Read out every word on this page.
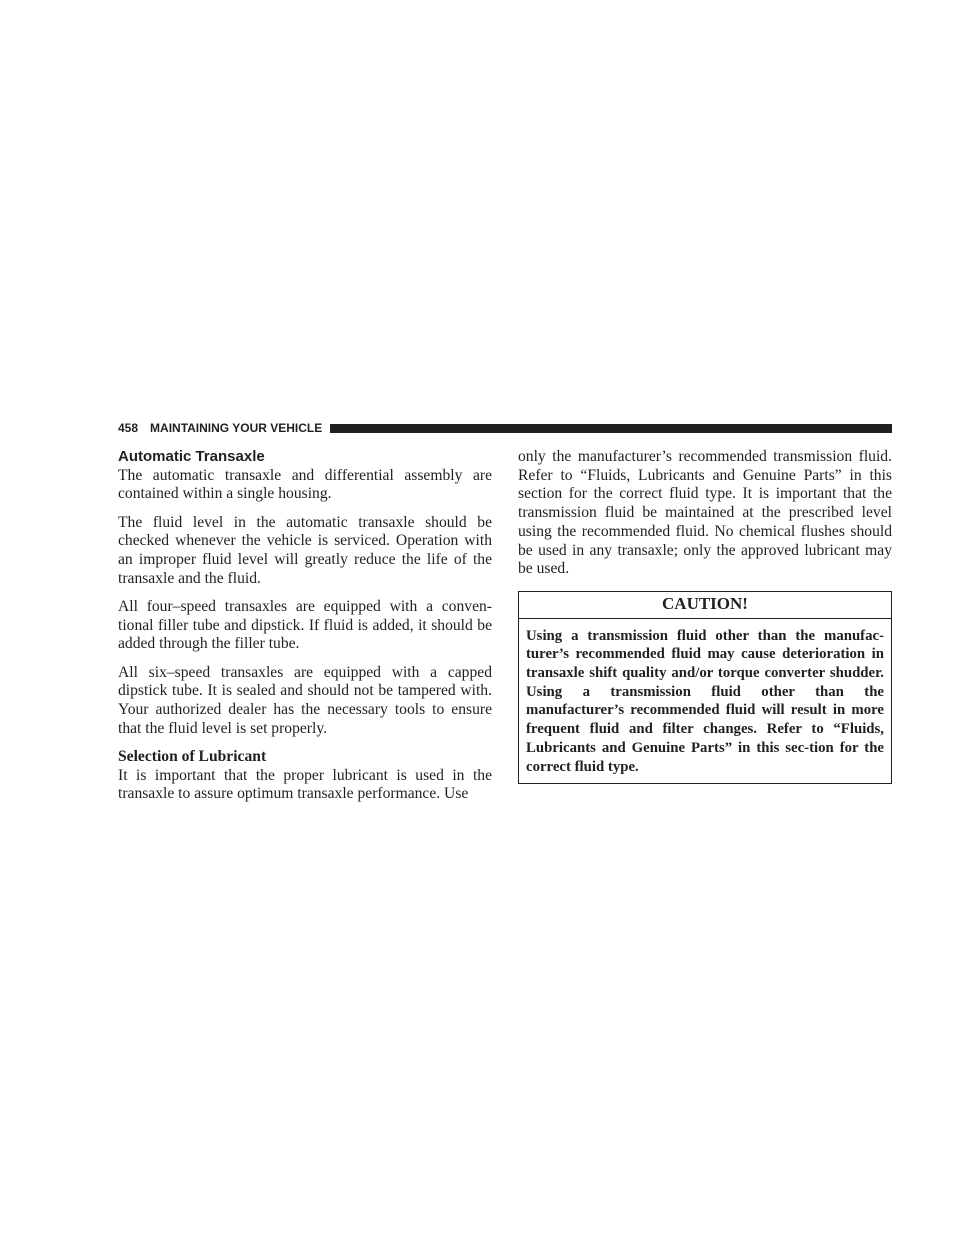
458 MAINTAINING YOUR VEHICLE
Automatic Transaxle

The automatic transaxle and differential assembly are contained within a single housing.

The fluid level in the automatic transaxle should be checked whenever the vehicle is serviced. Operation with an improper fluid level will greatly reduce the life of the transaxle and the fluid.

All four–speed transaxles are equipped with a conven-tional filler tube and dipstick. If fluid is added, it should be added through the filler tube.

All six–speed transaxles are equipped with a capped dipstick tube. It is sealed and should not be tampered with. Your authorized dealer has the necessary tools to ensure that the fluid level is set properly.

Selection of Lubricant

It is important that the proper lubricant is used in the transaxle to assure optimum transaxle performance. Use

only the manufacturer’s recommended transmission fluid. Refer to “Fluids, Lubricants and Genuine Parts” in this section for the correct fluid type. It is important that the transmission fluid be maintained at the prescribed level using the recommended fluid. No chemical flushes should be used in any transaxle; only the approved lubricant may be used.

CAUTION!
Using a transmission fluid other than the manufac-turer’s recommended fluid may cause deterioration in transaxle shift quality and/or torque converter shudder. Using a transmission fluid other than the manufacturer’s recommended fluid will result in more frequent fluid and filter changes. Refer to “Fluids, Lubricants and Genuine Parts” in this sec-tion for the correct fluid type.
